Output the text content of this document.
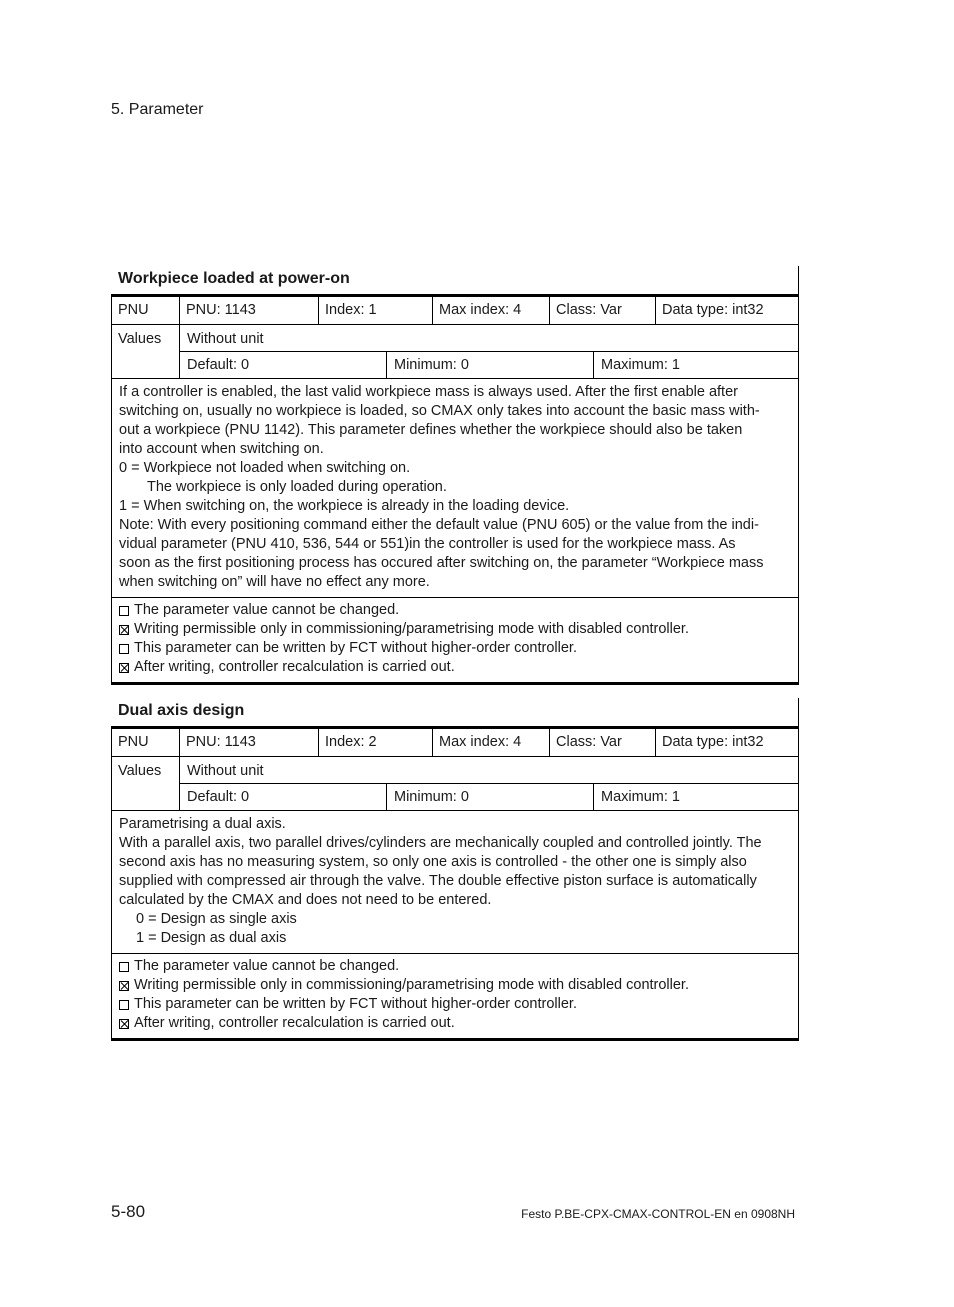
5. Parameter
Workpiece loaded at power-on
PNU	PNU: 1143	Index: 1	Max index: 4	Class: Var	Data type: int32
Values	Without unit
Default: 0	Minimum: 0	Maximum: 1

If a controller is enabled, the last valid workpiece mass is always used. After the first enable after

switching on, usually no workpiece is loaded, so CMAX only takes into account the basic mass with-

out a workpiece (PNU 1142). This parameter defines whether the workpiece should also be taken

into account when switching on.

0 = Workpiece not loaded when switching on.

The workpiece is only loaded during operation.

1 = When switching on, the workpiece is already in the loading device.

Note: With every positioning command either the default value (PNU 605) or the value from the indi-

vidual parameter (PNU 410, 536, 544 or 551)in the controller is used for the workpiece mass. As

soon as the first positioning process has occured after switching on, the parameter “Workpiece mass

when switching on” will have no effect any more.

The parameter value cannot be changed.
Writing permissible only in commissioning/parametrising mode with disabled controller.
This parameter can be written by FCT without higher-order controller.
After writing, controller recalculation is carried out.
Dual axis design
PNU	PNU: 1143	Index: 2	Max index: 4	Class: Var	Data type: int32
Values	Without unit
Default: 0	Minimum: 0	Maximum: 1

Parametrising a dual axis.

With a parallel axis, two parallel drives/cylinders are mechanically coupled and controlled jointly. The

second axis has no measuring system, so only one axis is controlled - the other one is simply also

supplied with compressed air through the valve. The double effective piston surface is automatically

calculated by the CMAX and does not need to be entered.

0 = Design as single axis

1 = Design as dual axis

The parameter value cannot be changed.
Writing permissible only in commissioning/parametrising mode with disabled controller.
This parameter can be written by FCT without higher-order controller.
After writing, controller recalculation is carried out.
5-80	Festo P.BE-CPX-CMAX-CONTROL-EN en 0908NH
